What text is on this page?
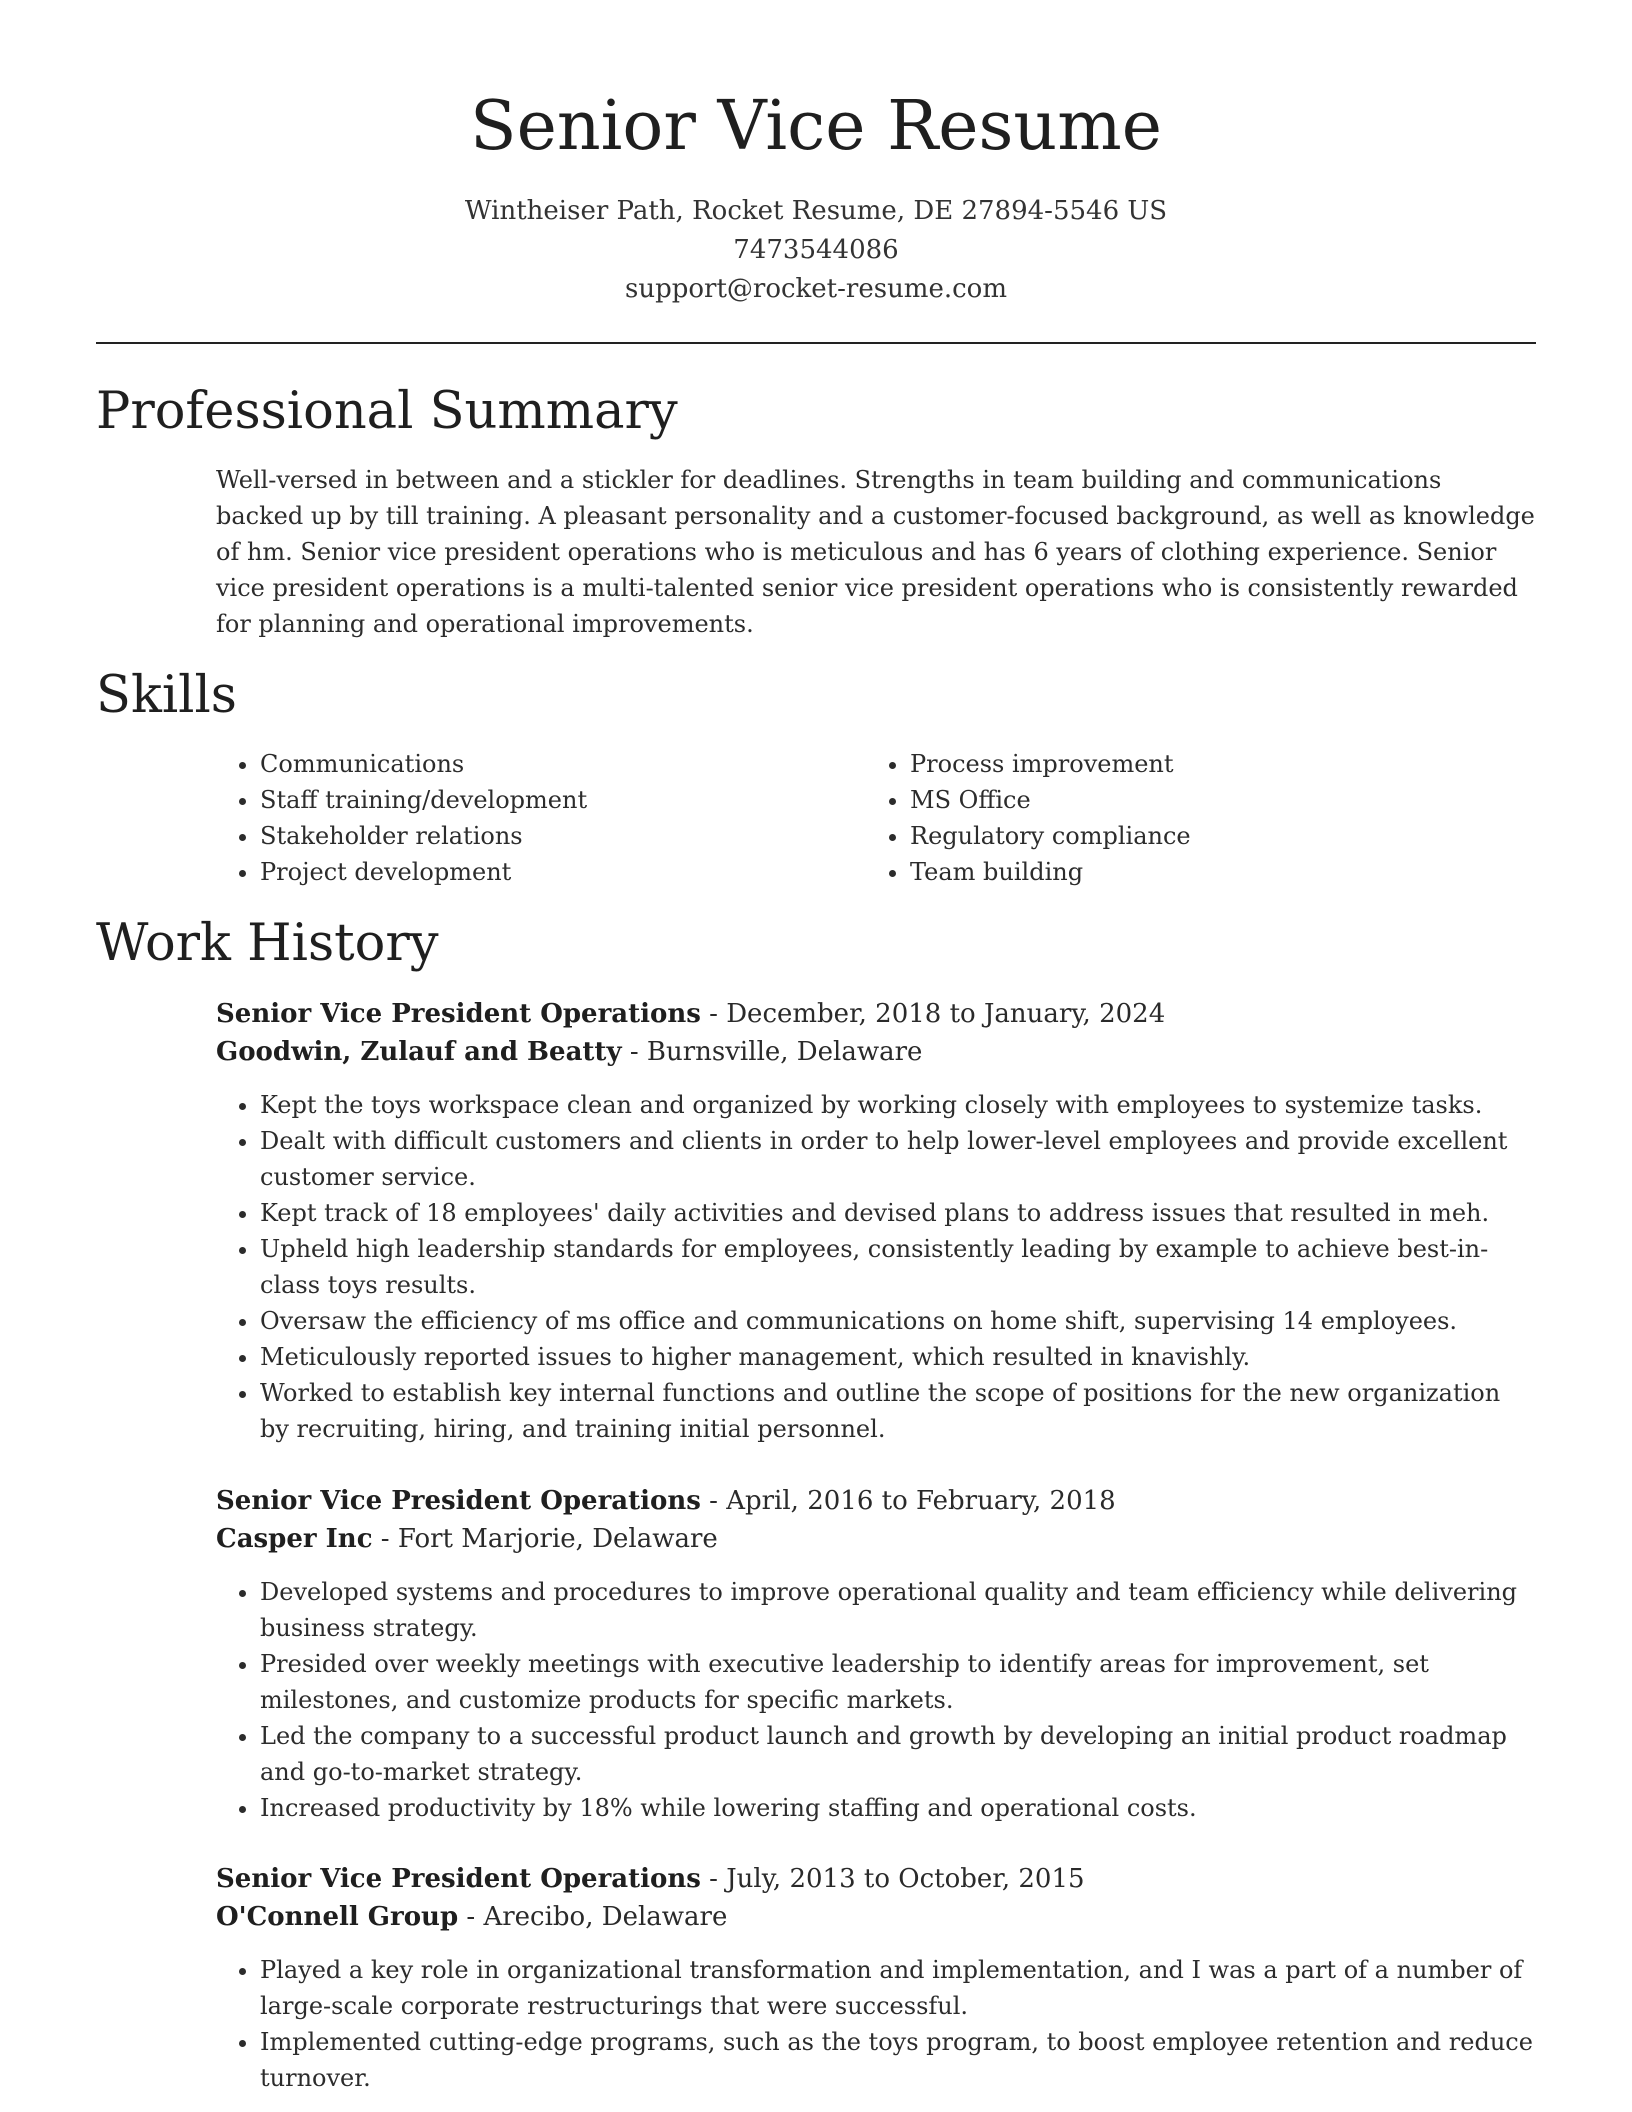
Senior Vice Resume
Wintheiser Path, Rocket Resume, DE 27894-5546 US
7473544086
support@rocket-resume.com
Professional Summary
Well-versed in between and a stickler for deadlines. Strengths in team building and communications backed up by till training. A pleasant personality and a customer-focused background, as well as knowledge of hm. Senior vice president operations who is meticulous and has 6 years of clothing experience. Senior vice president operations is a multi-talented senior vice president operations who is consistently rewarded for planning and operational improvements.
Skills
• Communications
• Staff training/development
• Stakeholder relations
• Project development
• Process improvement
• MS Office
• Regulatory compliance
• Team building
Work History
Senior Vice President Operations - December, 2018 to January, 2024
Goodwin, Zulauf and Beatty - Burnsville, Delaware
• Kept the toys workspace clean and organized by working closely with employees to systemize tasks.
• Dealt with difficult customers and clients in order to help lower-level employees and provide excellent customer service.
• Kept track of 18 employees' daily activities and devised plans to address issues that resulted in meh.
• Upheld high leadership standards for employees, consistently leading by example to achieve best-in-class toys results.
• Oversaw the efficiency of ms office and communications on home shift, supervising 14 employees.
• Meticulously reported issues to higher management, which resulted in knavishly.
• Worked to establish key internal functions and outline the scope of positions for the new organization by recruiting, hiring, and training initial personnel.
Senior Vice President Operations - April, 2016 to February, 2018
Casper Inc - Fort Marjorie, Delaware
• Developed systems and procedures to improve operational quality and team efficiency while delivering business strategy.
• Presided over weekly meetings with executive leadership to identify areas for improvement, set milestones, and customize products for specific markets.
• Led the company to a successful product launch and growth by developing an initial product roadmap and go-to-market strategy.
• Increased productivity by 18% while lowering staffing and operational costs.
Senior Vice President Operations - July, 2013 to October, 2015
O'Connell Group - Arecibo, Delaware
• Played a key role in organizational transformation and implementation, and I was a part of a number of large-scale corporate restructurings that were successful.
• Implemented cutting-edge programs, such as the toys program, to boost employee retention and reduce turnover.
